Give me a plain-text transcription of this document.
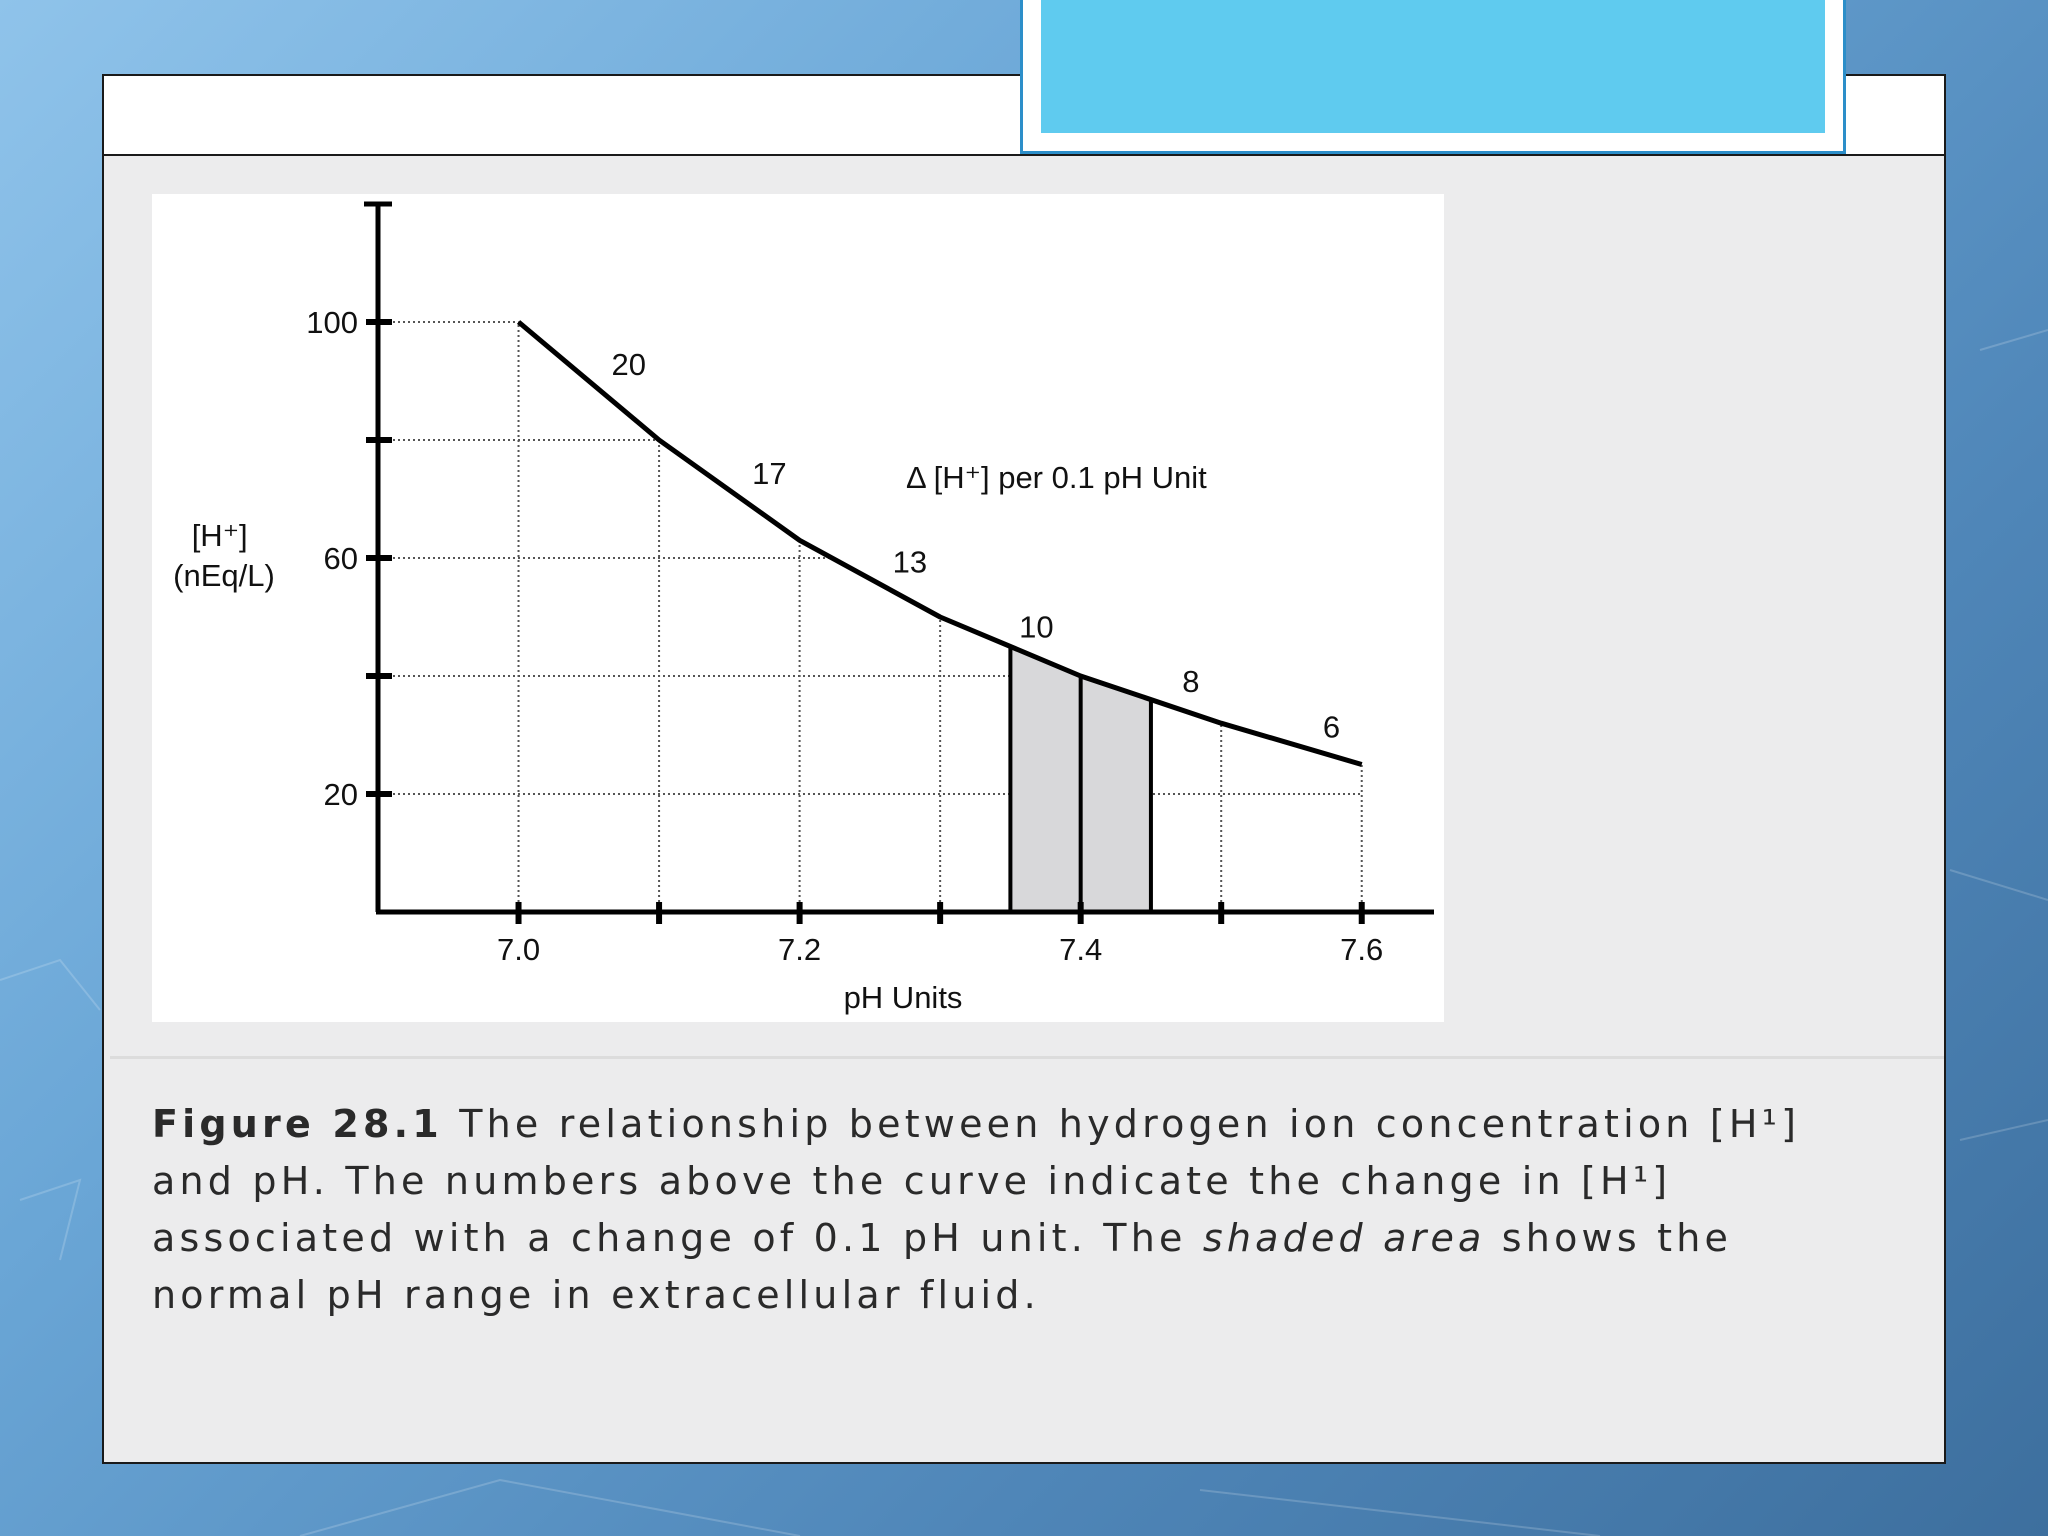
100
60
20
7.0	7.2	7.4	7.6
20
17
13
10
8
6
Δ [H⁺] per 0.1 pH Unit
pH Units
[H⁺] (nEq/L)

Figure 28.1 The relationship between hydrogen ion concentration [H¹] and pH. The numbers above the curve indicate the change in [H¹] associated with a change of 0.1 pH unit. The shaded area shows the normal pH range in extracellular fluid.
